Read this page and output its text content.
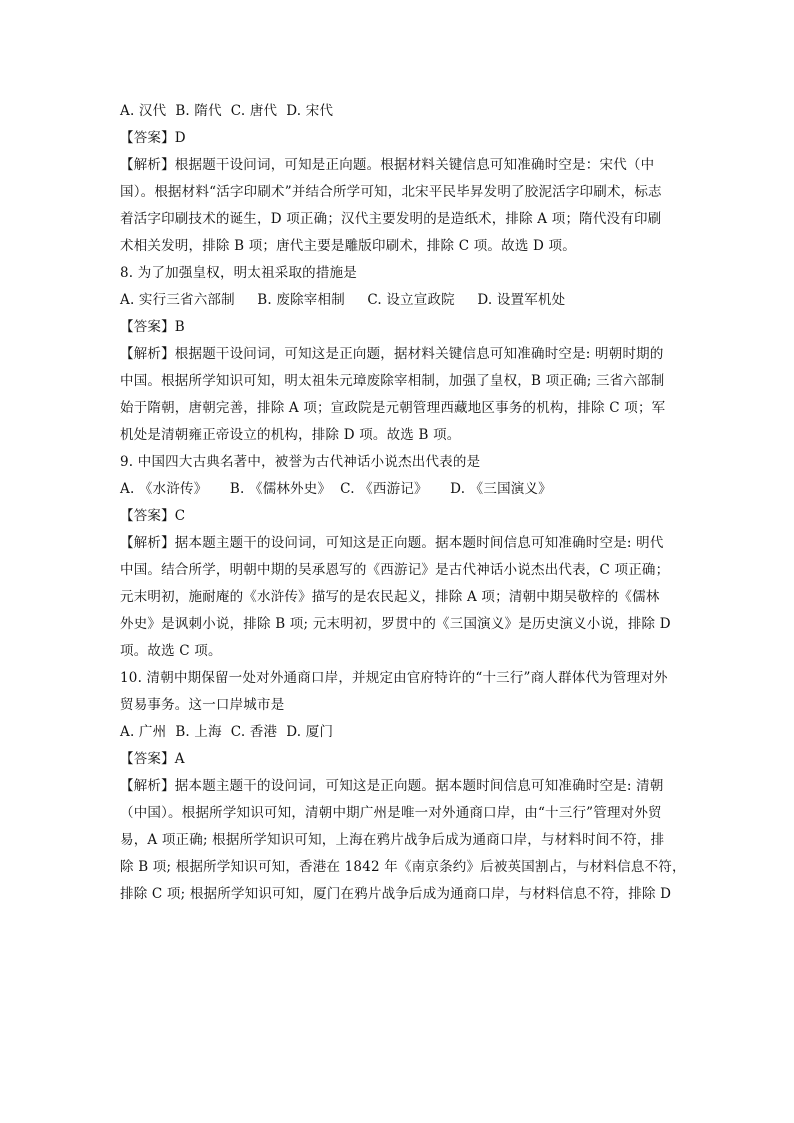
A. 汉代  B. 隋代  C. 唐代  D. 宋代
【答案】D
【解析】根据题干设问词，可知是正向题。根据材料关键信息可知准确时空是：宋代（中
国）。根据材料“活字印刷术”并结合所学可知，北宋平民毕昇发明了胶泥活字印刷术，标志
着活字印刷技术的诞生，D 项正确；汉代主要发明的是造纸术，排除 A 项；隋代没有印刷
术相关发明，排除 B 项；唐代主要是雕版印刷术，排除 C 项。故选 D 项。
8. 为了加强皇权，明太祖采取的措施是
A. 实行三省六部制     B. 废除宰相制     C. 设立宣政院     D. 设置军机处
【答案】B
【解析】根据题干设问词，可知这是正向题，据材料关键信息可知准确时空是: 明朝时期的
中国。根据所学知识可知，明太祖朱元璋废除宰相制，加强了皇权，B 项正确; 三省六部制
始于隋朝，唐朝完善，排除 A 项；宣政院是元朝管理西藏地区事务的机构，排除 C 项；军
机处是清朝雍正帝设立的机构，排除 D 项。故选 B 项。
9. 中国四大古典名著中，被誉为古代神话小说杰出代表的是
A. 《水浒传》     B. 《儒林外史》  C. 《西游记》     D. 《三国演义》
【答案】C
【解析】据本题主题干的设问词，可知这是正向题。据本题时间信息可知准确时空是: 明代
中国。结合所学，明朝中期的吴承恩写的《西游记》是古代神话小说杰出代表，C 项正确；
元末明初，施耐庵的《水浒传》描写的是农民起义，排除 A 项；清朝中期吴敬梓的《儒林
外史》是讽刺小说，排除 B 项; 元末明初，罗贯中的《三国演义》是历史演义小说，排除 D
项。故选 C 项。
10. 清朝中期保留一处对外通商口岸，并规定由官府特许的“十三行”商人群体代为管理对外
贸易事务。这一口岸城市是
A. 广州  B. 上海  C. 香港  D. 厦门
【答案】A
【解析】据本题主题干的设问词，可知这是正向题。据本题时间信息可知准确时空是: 清朝
（中国）。根据所学知识可知，清朝中期广州是唯一对外通商口岸，由“十三行”管理对外贸
易，A 项正确; 根据所学知识可知，上海在鸦片战争后成为通商口岸，与材料时间不符，排
除 B 项; 根据所学知识可知，香港在 1842 年《南京条约》后被英国割占，与材料信息不符，
排除 C 项; 根据所学知识可知，厦门在鸦片战争后成为通商口岸，与材料信息不符，排除 D
